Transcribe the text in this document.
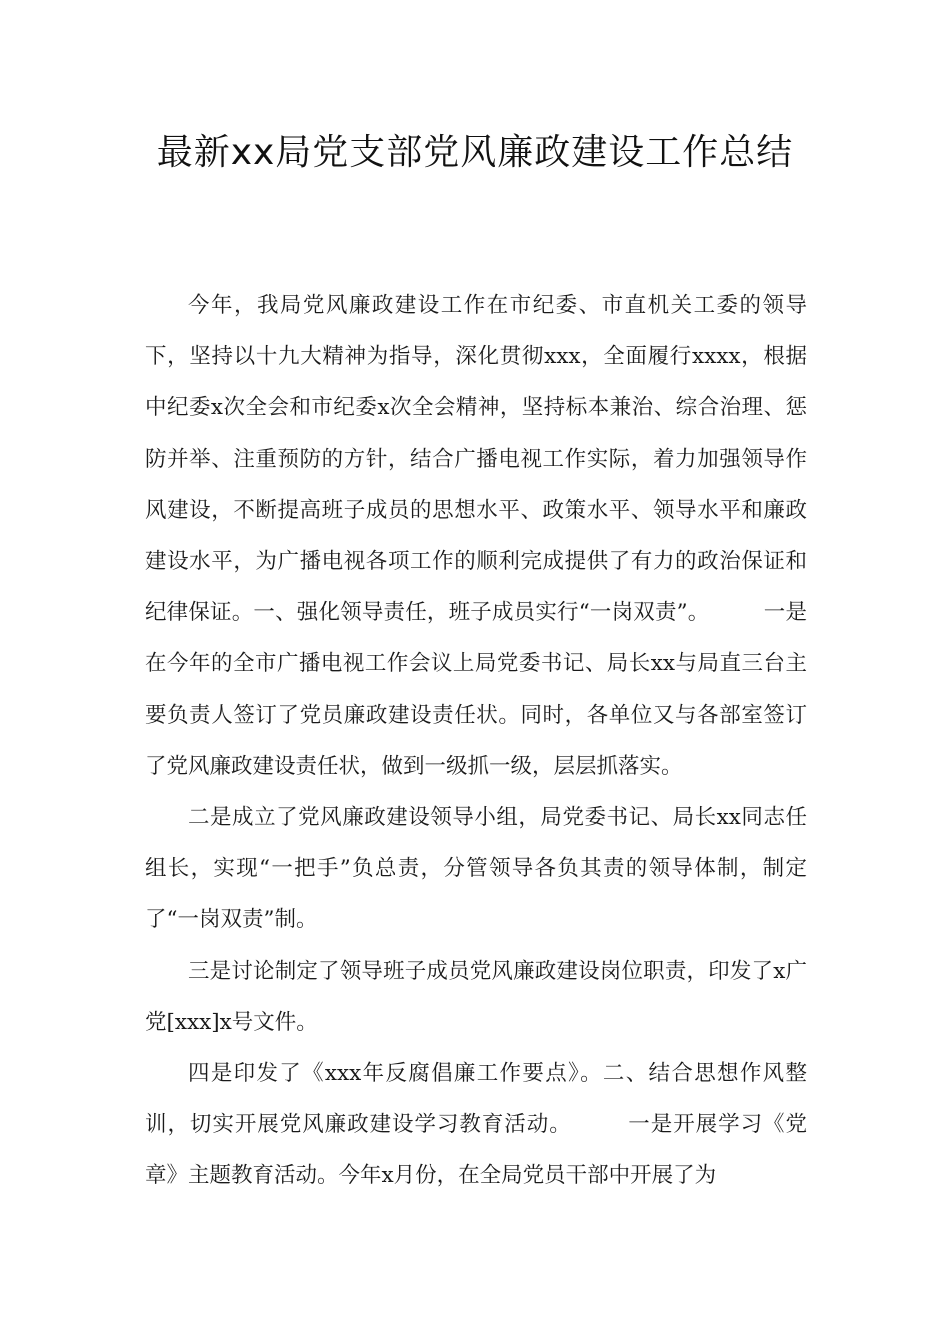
最新xx局党支部党风廉政建设工作总结

今年，我局党风廉政建设工作在市纪委、市直机关工委的领导下，坚持以十九大精神为指导，深化贯彻xxx，全面履行xxxx，根据中纪委x次全会和市纪委x次全会精神，坚持标本兼治、综合治理、惩防并举、注重预防的方针，结合广播电视工作实际，着力加强领导作风建设，不断提高班子成员的思想水平、政策水平、领导水平和廉政建设水平，为广播电视各项工作的顺利完成提供了有力的政治保证和纪律保证。一、强化领导责任，班子成员实行“一岗双责”。　　　一是在今年的全市广播电视工作会议上局党委书记、局长xx与局直三台主要负责人签订了党员廉政建设责任状。同时，各单位又与各部室签订了党风廉政建设责任状，做到一级抓一级，层层抓落实。

二是成立了党风廉政建设领导小组，局党委书记、局长xx同志任组长，实现“一把手”负总责，分管领导各负其责的领导体制，制定了“一岗双责”制。

三是讨论制定了领导班子成员党风廉政建设岗位职责，印发了x广党[xxx]x号文件。

四是印发了《xxx年反腐倡廉工作要点》。二、结合思想作风整训，切实开展党风廉政建设学习教育活动。　　　一是开展学习《党章》主题教育活动。今年x月份，在全局党员干部中开展了为
